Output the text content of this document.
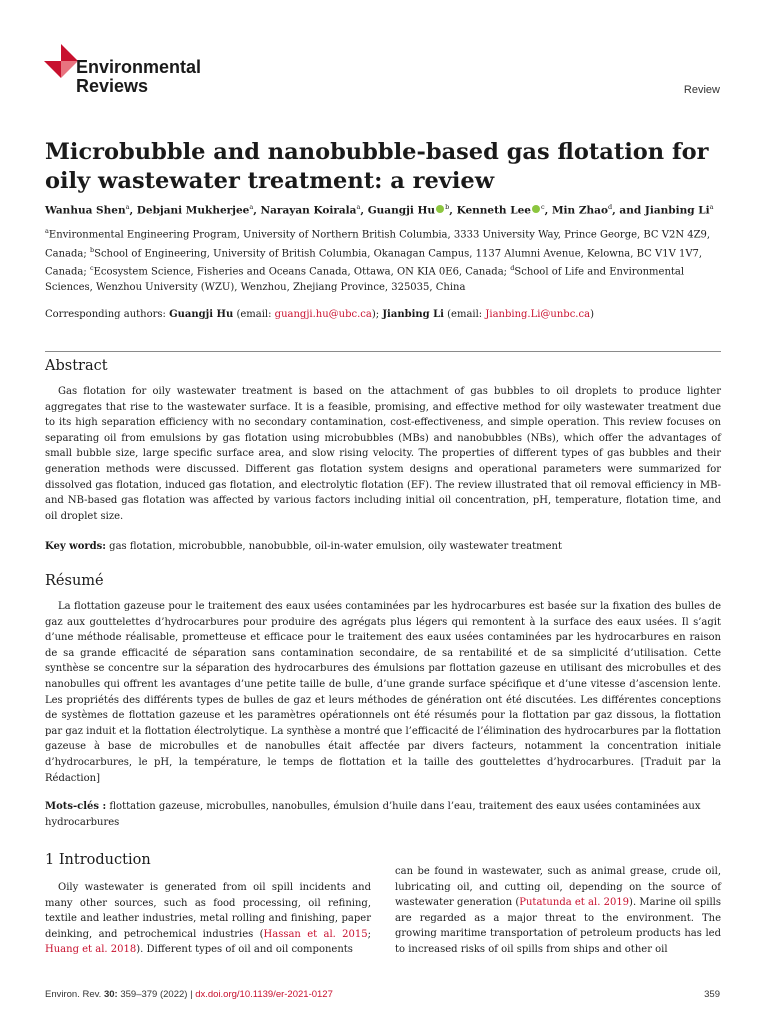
Environmental
Reviews	Review
Microbubble and nanobubble-based gas flotation for oily wastewater treatment: a review
Wanhua Shen$^a$, Debjani Mukherjee$^a$, Narayan Koirala$^a$, Guangji Hu $^b$, Kenneth Lee $^c$, Min Zhao$^d$, and Jianbing Li$^a$
$^a$Environmental Engineering Program, University of Northern British Columbia, 3333 University Way, Prince George, BC V2N 4Z9, Canada; $^b$School of Engineering, University of British Columbia, Okanagan Campus, 1137 Alumni Avenue, Kelowna, BC V1V 1V7, Canada; $^c$Ecosystem Science, Fisheries and Oceans Canada, Ottawa, ON KIA 0E6, Canada; $^d$School of Life and Environmental Sciences, Wenzhou University (WZU), Wenzhou, Zhejiang Province, 325035, China
Corresponding authors: Guangji Hu (email: guangji.hu@ubc.ca); Jianbing Li (email: Jianbing.Li@unbc.ca)
Abstract

Gas flotation for oily wastewater treatment is based on the attachment of gas bubbles to oil droplets to produce lighter aggregates that rise to the wastewater surface. It is a feasible, promising, and effective method for oily wastewater treatment due to its high separation efficiency with no secondary contamination, cost-effectiveness, and simple operation. This review focuses on separating oil from emulsions by gas flotation using microbubbles (MBs) and nanobubbles (NBs), which offer the advantages of small bubble size, large specific surface area, and slow rising velocity. The properties of different types of gas bubbles and their generation methods were discussed. Different gas flotation system designs and operational parameters were summarized for dissolved gas flotation, induced gas flotation, and electrolytic flotation (EF). The review illustrated that oil removal efficiency in MB- and NB-based gas flotation was affected by various factors including initial oil concentration, pH, temperature, flotation time, and oil droplet size.

Key words: gas flotation, microbubble, nanobubble, oil-in-water emulsion, oily wastewater treatment
Résumé

La flottation gazeuse pour le traitement des eaux usées contaminées par les hydrocarbures est basée sur la fixation des bulles de gaz aux gouttelettes d’hydrocarbures pour produire des agrégats plus légers qui remontent à la surface des eaux usées. Il s’agit d’une méthode réalisable, prometteuse et efficace pour le traitement des eaux usées contaminées par les hydrocarbures en raison de sa grande efficacité de séparation sans contamination secondaire, de sa rentabilité et de sa simplicité d’utilisation. Cette synthèse se concentre sur la séparation des hydrocarbures des émulsions par flottation gazeuse en utilisant des microbulles et des nanobulles qui offrent les avantages d’une petite taille de bulle, d’une grande surface spécifique et d’une vitesse d’ascension lente. Les propriétés des différents types de bulles de gaz et leurs méthodes de génération ont été discutées. Les différentes conceptions de systèmes de flottation gazeuse et les paramètres opérationnels ont été résumés pour la flottation par gaz dissous, la flottation par gaz induit et la flottation électrolytique. La synthèse a montré que l’efficacité de l’élimination des hydrocarbures par la flottation gazeuse à base de microbulles et de nanobulles était affectée par divers facteurs, notamment la concentration initiale d’hydrocarbures, le pH, la température, le temps de flottation et la taille des gouttelettes d’hydrocarbures. [Traduit par la Rédaction]

Mots-clés : flottation gazeuse, microbulles, nanobulles, émulsion d’huile dans l’eau, traitement des eaux usées contaminées aux hydrocarbures
1 Introduction

Oily wastewater is generated from oil spill incidents and many other sources, such as food processing, oil refining, textile and leather industries, metal rolling and finishing, paper deinking, and petrochemical industries (Hassan et al. 2015; Huang et al. 2018). Different types of oil and oil components

can be found in wastewater, such as animal grease, crude oil, lubricating oil, and cutting oil, depending on the source of wastewater generation (Putatunda et al. 2019). Marine oil spills are regarded as a major threat to the environment. The growing maritime transportation of petroleum products has led to increased risks of oil spills from ships and other oil

Environ. Rev. 30: 359–379 (2022) | dx.doi.org/10.1139/er-2021-0127	359
